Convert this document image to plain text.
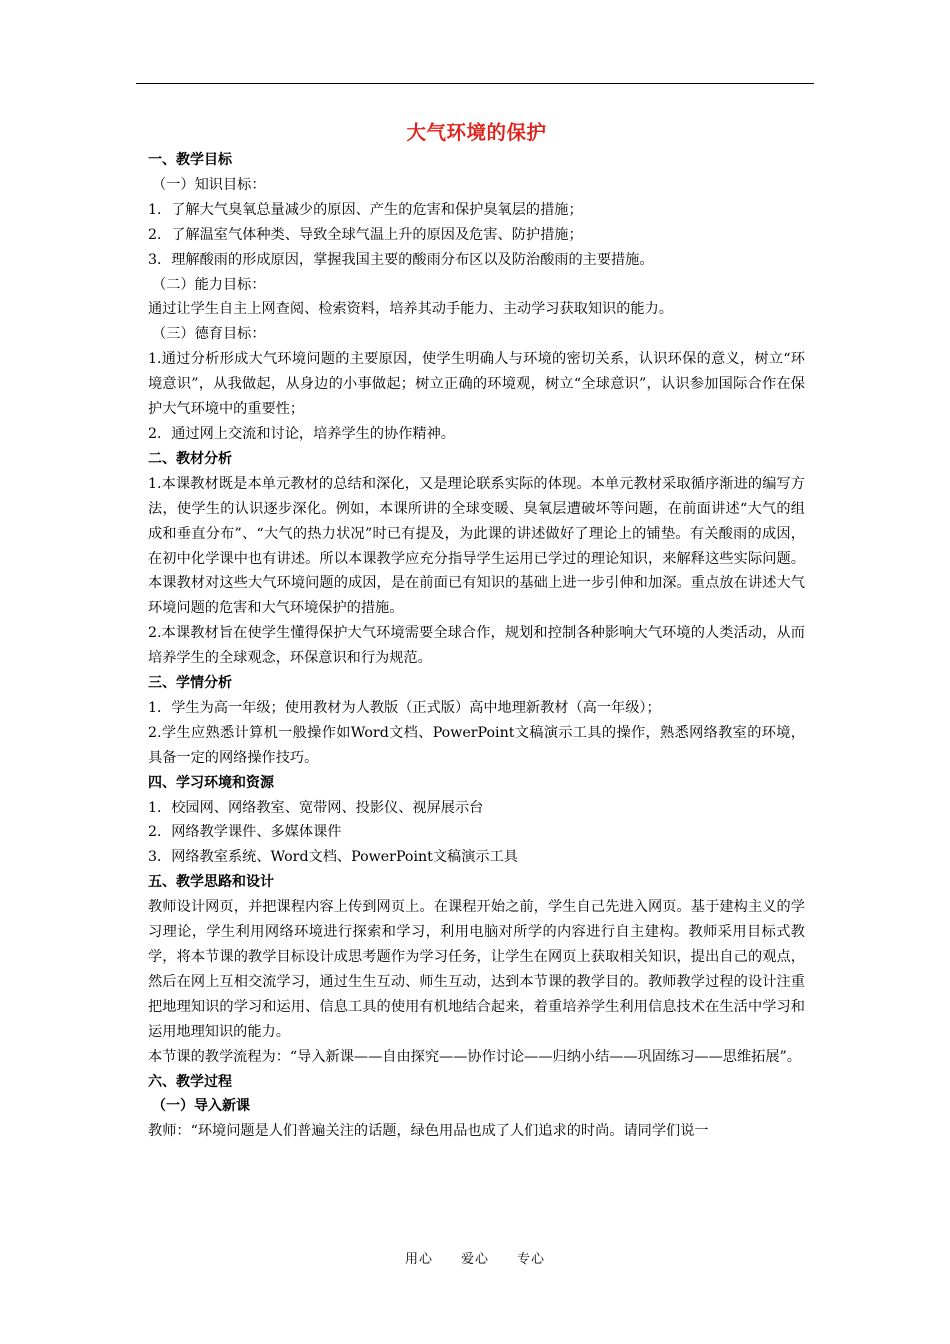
大气环境的保护

一、教学目标

（一）知识目标：

1．了解大气臭氧总量减少的原因、产生的危害和保护臭氧层的措施；

2．了解温室气体种类、导致全球气温上升的原因及危害、防护措施；

3．理解酸雨的形成原因，掌握我国主要的酸雨分布区以及防治酸雨的主要措施。

（二）能力目标：

通过让学生自主上网查阅、检索资料，培养其动手能力、主动学习获取知识的能力。

（三）德育目标：

1.通过分析形成大气环境问题的主要原因，使学生明确人与环境的密切关系，认识环保的意义，树立“环境意识”，从我做起，从身边的小事做起；树立正确的环境观，树立“全球意识”，认识参加国际合作在保护大气环境中的重要性；

2．通过网上交流和讨论，培养学生的协作精神。

二、教材分析

1.本课教材既是本单元教材的总结和深化，又是理论联系实际的体现。本单元教材采取循序渐进的编写方法，使学生的认识逐步深化。例如，本课所讲的全球变暖、臭氧层遭破坏等问题，在前面讲述“大气的组成和垂直分布”、“大气的热力状况”时已有提及，为此课的讲述做好了理论上的铺垫。有关酸雨的成因，在初中化学课中也有讲述。所以本课教学应充分指导学生运用已学过的理论知识，来解释这些实际问题。本课教材对这些大气环境问题的成因，是在前面已有知识的基础上进一步引伸和加深。重点放在讲述大气环境问题的危害和大气环境保护的措施。

2.本课教材旨在使学生懂得保护大气环境需要全球合作，规划和控制各种影响大气环境的人类活动，从而培养学生的全球观念，环保意识和行为规范。

三、学情分析

1．学生为高一年级；使用教材为人教版（正式版）高中地理新教材（高一年级）；

2.学生应熟悉计算机一般操作如Word文档、PowerPoint文稿演示工具的操作，熟悉网络教室的环境，具备一定的网络操作技巧。

四、学习环境和资源

1．校园网、网络教室、宽带网、投影仪、视屏展示台

2．网络教学课件、多媒体课件

3．网络教室系统、Word文档、PowerPoint文稿演示工具

五、教学思路和设计

教师设计网页，并把课程内容上传到网页上。在课程开始之前，学生自己先进入网页。基于建构主义的学习理论，学生利用网络环境进行探索和学习，利用电脑对所学的内容进行自主建构。教师采用目标式教学，将本节课的教学目标设计成思考题作为学习任务，让学生在网页上获取相关知识，提出自己的观点，然后在网上互相交流学习，通过生生互动、师生互动，达到本节课的教学目的。教师教学过程的设计注重把地理知识的学习和运用、信息工具的使用有机地结合起来，着重培养学生利用信息技术在生活中学习和运用地理知识的能力。

本节课的教学流程为：“导入新课——自由探究——协作讨论——归纳小结——巩固练习——思维拓展”。

六、教学过程

（一）导入新课

教师：“环境问题是人们普遍关注的话题，绿色用品也成了人们追求的时尚。请同学们说一

用心　　爱心　　专心
